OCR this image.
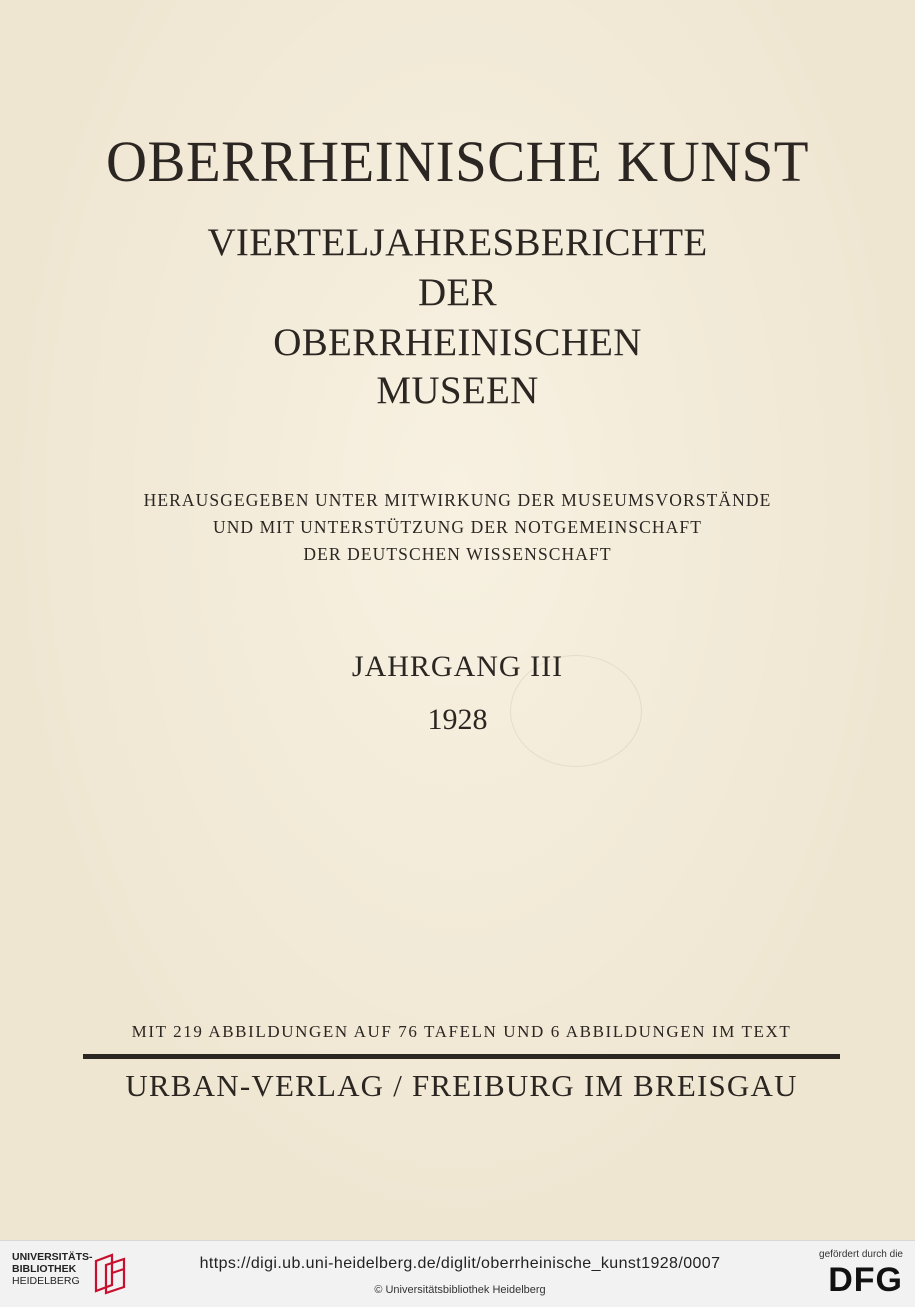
OBERRHEINISCHE KUNST
VIERTELJAHRESBERICHTE
DER
OBERRHEINISCHEN
MUSEEN
HERAUSGEGEBEN UNTER MITWIRKUNG DER MUSEUMSVORSTÄNDE
UND MIT UNTERSTÜTZUNG DER NOTGEMEINSCHAFT
DER DEUTSCHEN WISSENSCHAFT
JAHRGANG III
1928
MIT 219 ABBILDUNGEN AUF 76 TAFELN UND 6 ABBILDUNGEN IM TEXT
URBAN-VERLAG / FREIBURG IM BREISGAU
UNIVERSITÄTS-
BIBLIOTHEK
HEIDELBERG
https://digi.ub.uni-heidelberg.de/diglit/oberrheinische_kunst1928/0007
© Universitätsbibliothek Heidelberg
gefördert durch die
DFG
